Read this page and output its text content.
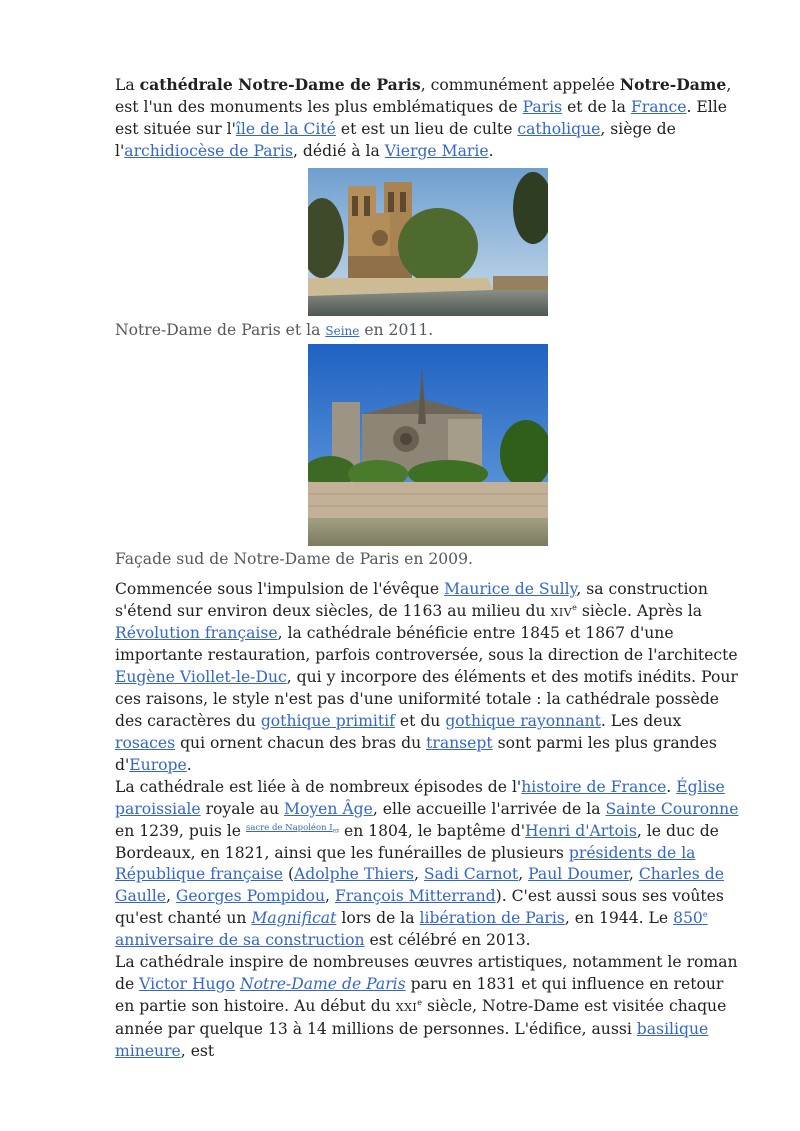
La cathédrale Notre-Dame de Paris, communément appelée Notre-Dame, est l'un des monuments les plus emblématiques de Paris et de la France. Elle est située sur l'île de la Cité et est un lieu de culte catholique, siège de l'archidiocèse de Paris, dédié à la Vierge Marie.

Notre-Dame de Paris et la Seine en 2011.

Façade sud de Notre-Dame de Paris en 2009.

Commencée sous l'impulsion de l'évêque Maurice de Sully, sa construction s'étend sur environ deux siècles, de 1163 au milieu du XIVe siècle. Après la Révolution française, la cathédrale bénéficie entre 1845 et 1867 d'une importante restauration, parfois controversée, sous la direction de l'architecte Eugène Viollet-le-Duc, qui y incorpore des éléments et des motifs inédits. Pour ces raisons, le style n'est pas d'une uniformité totale : la cathédrale possède des caractères du gothique primitif et du gothique rayonnant. Les deux rosaces qui ornent chacun des bras du transept sont parmi les plus grandes d'Europe.

La cathédrale est liée à de nombreux épisodes de l'histoire de France. Église paroissiale royale au Moyen Âge, elle accueille l'arrivée de la Sainte Couronne en 1239, puis le $^{sacre de Napoléon I_{er}}$ en 1804, le baptême d'Henri d'Artois, le duc de Bordeaux, en 1821, ainsi que les funérailles de plusieurs présidents de la République française (Adolphe Thiers, Sadi Carnot, Paul Doumer, Charles de Gaulle, Georges Pompidou, François Mitterrand). C'est aussi sous ses voûtes qu'est chanté un Magnificat lors de la libération de Paris, en 1944. Le 850e anniversaire de sa construction est célébré en 2013.

La cathédrale inspire de nombreuses œuvres artistiques, notamment le roman de Victor Hugo Notre-Dame de Paris paru en 1831 et qui influence en retour en partie son histoire. Au début du XXIe siècle, Notre-Dame est visitée chaque année par quelque 13 à 14 millions de personnes. L'édifice, aussi basilique mineure, est
